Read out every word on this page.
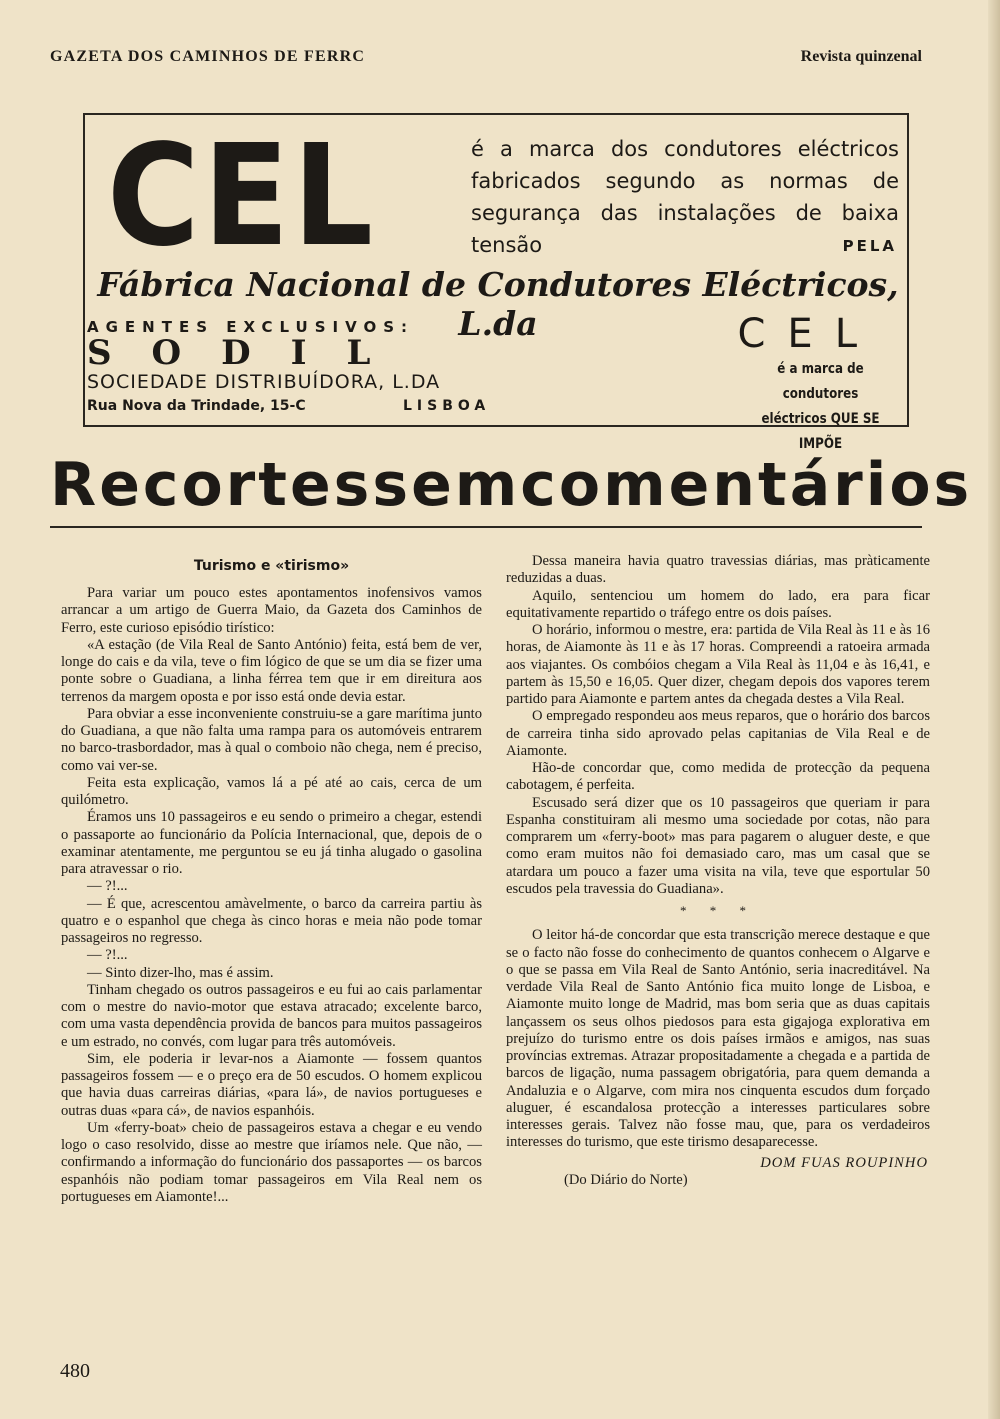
GAZETA DOS CAMINHOS DE FERRC	Revista quinzenal
CEL	é a marca dos condutores eléctricos fabricados segundo as normas de segurança das instalações de baixa tensão	PELA
Fábrica Nacional de Condutores Eléctricos, L.da
AGENTES EXCLUSIVOS:
SODIL
SOCIEDADE DISTRIBUÍDORA, L.DA
Rua Nova da Trindade, 15-C	LISBOA
CEL
é a marca de condutores
eléctricos QUE SE IMPÕE
Recortes sem comentários
Turismo e «tirismo»

Para variar um pouco estes apontamentos inofensivos vamos arrancar a um artigo de Guerra Maio, da Gazeta dos Caminhos de Ferro, este curioso episódio tirístico:

«A estação (de Vila Real de Santo António) feita, está bem de ver, longe do cais e da vila, teve o fim lógico de que se um dia se fizer uma ponte sobre o Guadiana, a linha férrea tem que ir em direitura aos terrenos da margem oposta e por isso está onde devia estar.

Para obviar a esse inconveniente construiu-se a gare marítima junto do Guadiana, a que não falta uma rampa para os automóveis entrarem no barco-trasbordador, mas à qual o comboio não chega, nem é preciso, como vai ver-se.

Feita esta explicação, vamos lá a pé até ao cais, cerca de um quilómetro.

Éramos uns 10 passageiros e eu sendo o primeiro a chegar, estendi o passaporte ao funcionário da Polícia Internacional, que, depois de o examinar atentamente, me perguntou se eu já tinha alugado o gasolina para atravessar o rio.

— ?!...

— É que, acrescentou amàvelmente, o barco da carreira partiu às quatro e o espanhol que chega às cinco horas e meia não pode tomar passageiros no regresso.

— ?!...

— Sinto dizer-lho, mas é assim.

Tinham chegado os outros passageiros e eu fui ao cais parlamentar com o mestre do navio-motor que estava atracado; excelente barco, com uma vasta dependência provida de bancos para muitos passageiros e um estrado, no convés, com lugar para três automóveis.

Sim, ele poderia ir levar-nos a Aiamonte — fossem quantos passageiros fossem — e o preço era de 50 escudos. O homem explicou que havia duas carreiras diárias, «para lá», de navios portugueses e outras duas «para cá», de navios espanhóis.

Um «ferry-boat» cheio de passageiros estava a chegar e eu vendo logo o caso resolvido, disse ao mestre que iríamos nele. Que não, — confirmando a informação do funcionário dos passaportes — os barcos espanhóis não podiam tomar passageiros em Vila Real nem os portugueses em Aiamonte!...

Dessa maneira havia quatro travessias diárias, mas pràticamente reduzidas a duas.

Aquilo, sentenciou um homem do lado, era para ficar equitativamente repartido o tráfego entre os dois países.

O horário, informou o mestre, era: partida de Vila Real às 11 e às 16 horas, de Aiamonte às 11 e às 17 horas. Compreendi a ratoeira armada aos viajantes. Os combóios chegam a Vila Real às 11,04 e às 16,41, e partem às 15,50 e 16,05. Quer dizer, chegam depois dos vapores terem partido para Aiamonte e partem antes da chegada destes a Vila Real.

O empregado respondeu aos meus reparos, que o horário dos barcos de carreira tinha sido aprovado pelas capitanias de Vila Real e de Aiamonte.

Hão-de concordar que, como medida de protecção da pequena cabotagem, é perfeita.

Escusado será dizer que os 10 passageiros que queriam ir para Espanha constituiram ali mesmo uma sociedade por cotas, não para comprarem um «ferry-boot» mas para pagarem o aluguer deste, e que como eram muitos não foi demasiado caro, mas um casal que se atardara um pouco a fazer uma visita na vila, teve que esportular 50 escudos pela travessia do Guadiana».

* * *

O leitor há-de concordar que esta transcrição merece destaque e que se o facto não fosse do conhecimento de quantos conhecem o Algarve e o que se passa em Vila Real de Santo António, seria inacreditável. Na verdade Vila Real de Santo António fica muito longe de Lisboa, e Aiamonte muito longe de Madrid, mas bom seria que as duas capitais lançassem os seus olhos piedosos para esta gigajoga explorativa em prejuízo do turismo entre os dois países irmãos e amigos, nas suas províncias extremas. Atrazar propositadamente a chegada e a partida de barcos de ligação, numa passagem obrigatória, para quem demanda a Andaluzia e o Algarve, com mira nos cinquenta escudos dum forçado aluguer, é escandalosa protecção a interesses particulares sobre interesses gerais. Talvez não fosse mau, que, para os verdadeiros interesses do turismo, que este tirismo desaparecesse.

DOM FUAS ROUPINHO

(Do Diário do Norte)

480
